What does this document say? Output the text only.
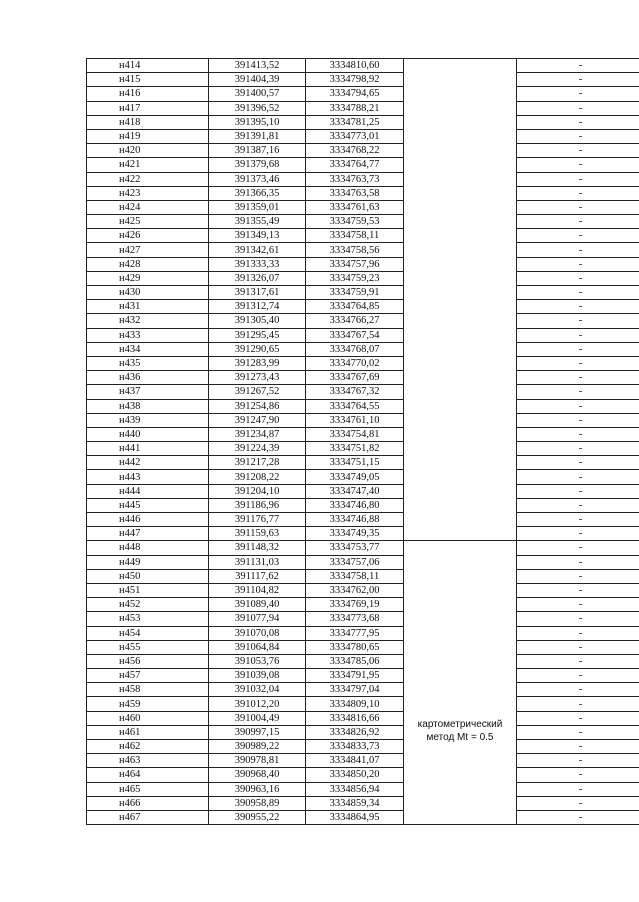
н414	391413,52	3334810,60		-
н415	391404,39	3334798,92		-
н416	391400,57	3334794,65		-
н417	391396,52	3334788,21		-
н418	391395,10	3334781,25		-
н419	391391,81	3334773,01		-
н420	391387,16	3334768,22		-
н421	391379,68	3334764,77		-
н422	391373,46	3334763,73		-
н423	391366,35	3334763,58		-
н424	391359,01	3334761,63		-
н425	391355,49	3334759,53		-
н426	391349,13	3334758,11		-
н427	391342,61	3334758,56		-
н428	391333,33	3334757,96		-
н429	391326,07	3334759,23		-
н430	391317,61	3334759,91		-
н431	391312,74	3334764,85		-
н432	391305,40	3334766,27		-
н433	391295,45	3334767,54		-
н434	391290,65	3334768,07		-
н435	391283,99	3334770,02		-
н436	391273,43	3334767,69		-
н437	391267,52	3334767,32		-
н438	391254,86	3334764,55		-
н439	391247,90	3334761,10		-
н440	391234,87	3334754,81		-
н441	391224,39	3334751,82		-
н442	391217,28	3334751,15		-
н443	391208,22	3334749,05		-
н444	391204,10	3334747,40		-
н445	391186,96	3334746,80		-
н446	391176,77	3334746,88		-
н447	391159,63	3334749,35		-
н448	391148,32	3334753,77	картометрический
метод Mt = 0.5	-
н449	391131,03	3334757,06		-
н450	391117,62	3334758,11		-
н451	391104,82	3334762,00		-
н452	391089,40	3334769,19		-
н453	391077,94	3334773,68		-
н454	391070,08	3334777,95		-
н455	391064,84	3334780,65		-
н456	391053,76	3334785,06		-
н457	391039,08	3334791,95		-
н458	391032,04	3334797,04		-
н459	391012,20	3334809,10		-
н460	391004,49	3334816,66		-
н461	390997,15	3334826,92		-
н462	390989,22	3334833,73		-
н463	390978,81	3334841,07		-
н464	390968,40	3334850,20		-
н465	390963,16	3334856,94		-
н466	390958,89	3334859,34		-
н467	390955,22	3334864,95		-
